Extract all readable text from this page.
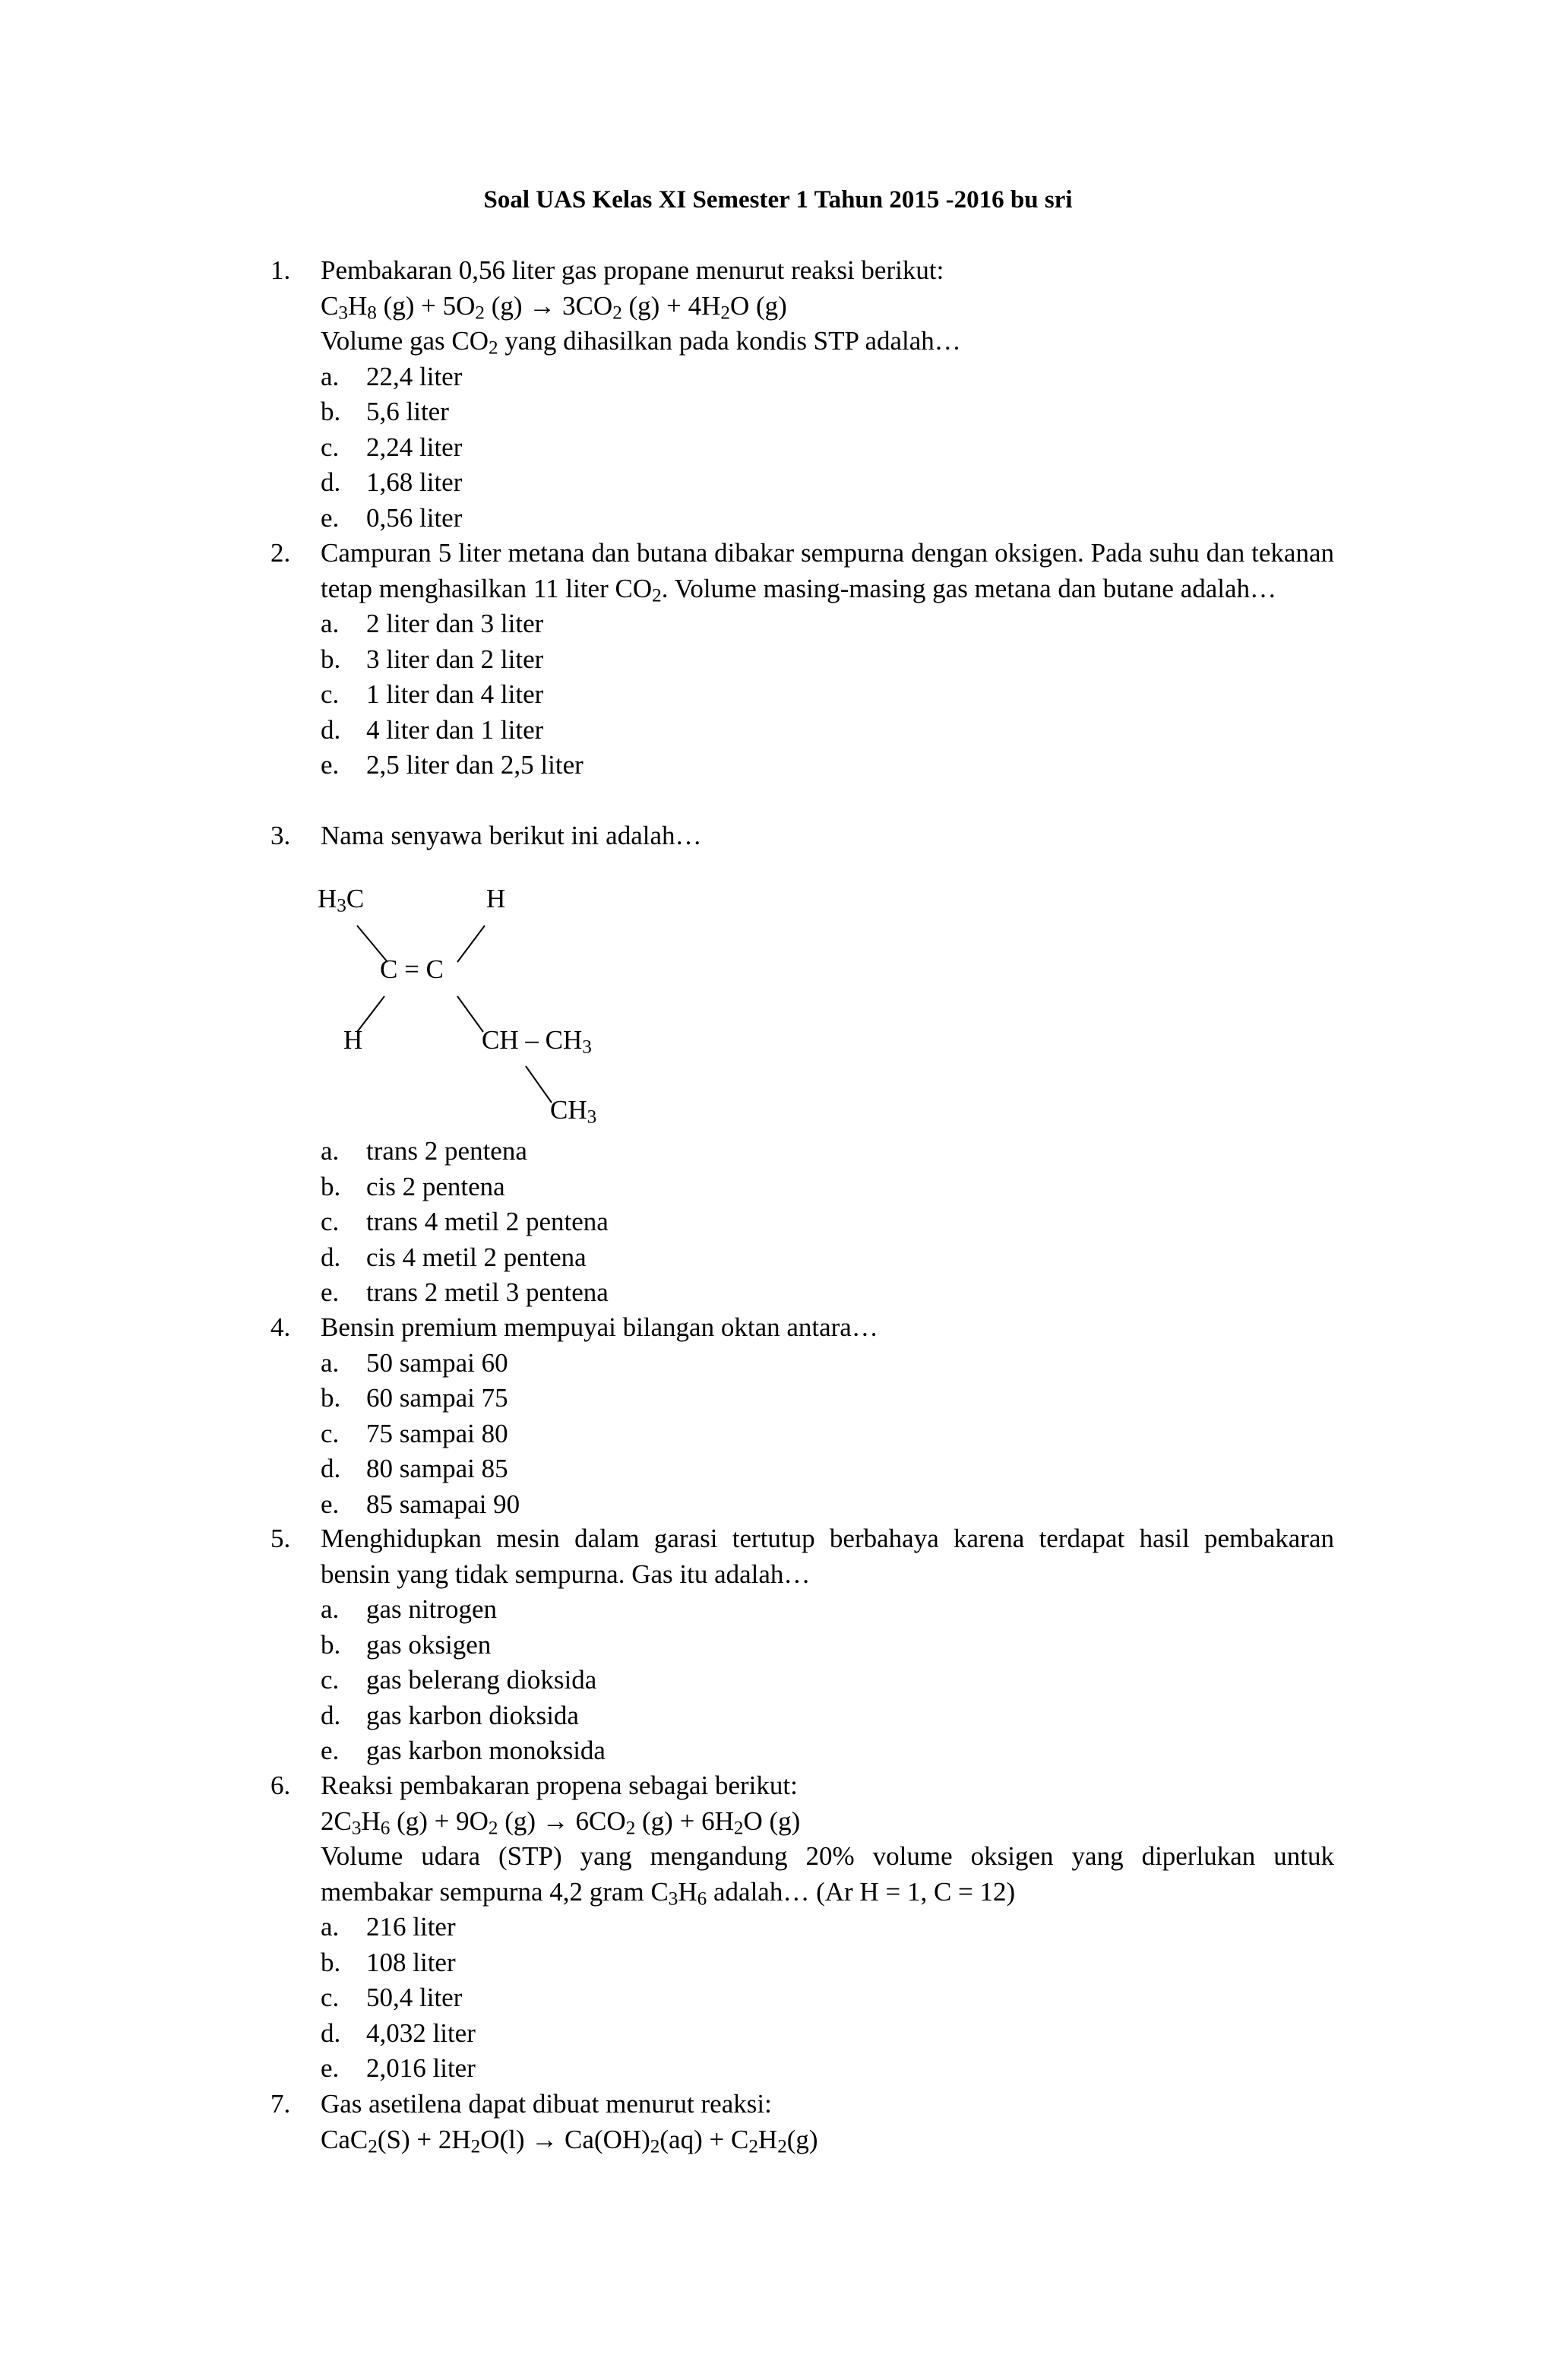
Soal UAS Kelas XI Semester 1 Tahun 2015 -2016 bu sri
1.	Pembakaran 0,56 liter gas propane menurut reaksi berikut:
$C_3H_8$ $(g) + 5O_2$ $(g) \to 3CO_2$ $(g) + 4H_2O$ (g)
Volume gas $CO_2$ yang dihasilkan pada kondis STP adalah…
a.	22,4 liter
b. 5,6 liter
c.	2,24 liter
d. 1,68 liter
e.	0,56 liter
2.	Campuran 5 liter metana dan butana dibakar sempurna dengan oksigen. Pada suhu dan tekanan tetap menghasilkan 11 liter $CO_2$. Volume masing-masing gas metana dan butane adalah…
a.	2 liter dan 3 liter
b. 3 liter dan 2 liter
c.	1 liter dan 4 liter
d. 4 liter dan 1 liter
e.	2,5 liter dan 2,5 liter
3.	Nama senyawa berikut ini adalah…
$H_3C$	H
C = C
H	CH – $CH_3$
$CH_3$
a.	trans 2 pentena
b. cis 2 pentena
c.	trans 4 metil 2 pentena
d. cis 4 metil 2 pentena
e.	trans 2 metil 3 pentena
4.	Bensin premium mempuyai bilangan oktan antara…
a.	50 sampai 60
b. 60 sampai 75
c.	75 sampai 80
d. 80 sampai 85
e.	85 samapai 90
5.	Menghidupkan mesin dalam garasi tertutup berbahaya karena terdapat hasil pembakaran bensin yang tidak sempurna. Gas itu adalah…
a.	gas nitrogen
b. gas oksigen
c.	gas belerang dioksida
d. gas karbon dioksida
e.	gas karbon monoksida
6.	Reaksi pembakaran propena sebagai berikut:
$2C_3H_6$ $(g) + 9O_2$ $(g) \to 6CO_2$ $(g) + 6H_2O$ (g)
Volume udara (STP) yang mengandung 20% volume oksigen yang diperlukan untuk membakar sempurna 4,2 gram $C_3H_6$ adalah… (Ar H = 1, C = 12)
a.	216 liter
b. 108 liter
c.	50,4 liter
d. 4,032 liter
e.	2,016 liter
7.	Gas asetilena dapat dibuat menurut reaksi:
$CaC_2(S) + 2H_2O(l) \to Ca(OH)_2(aq) + C_2H_2(g)$
